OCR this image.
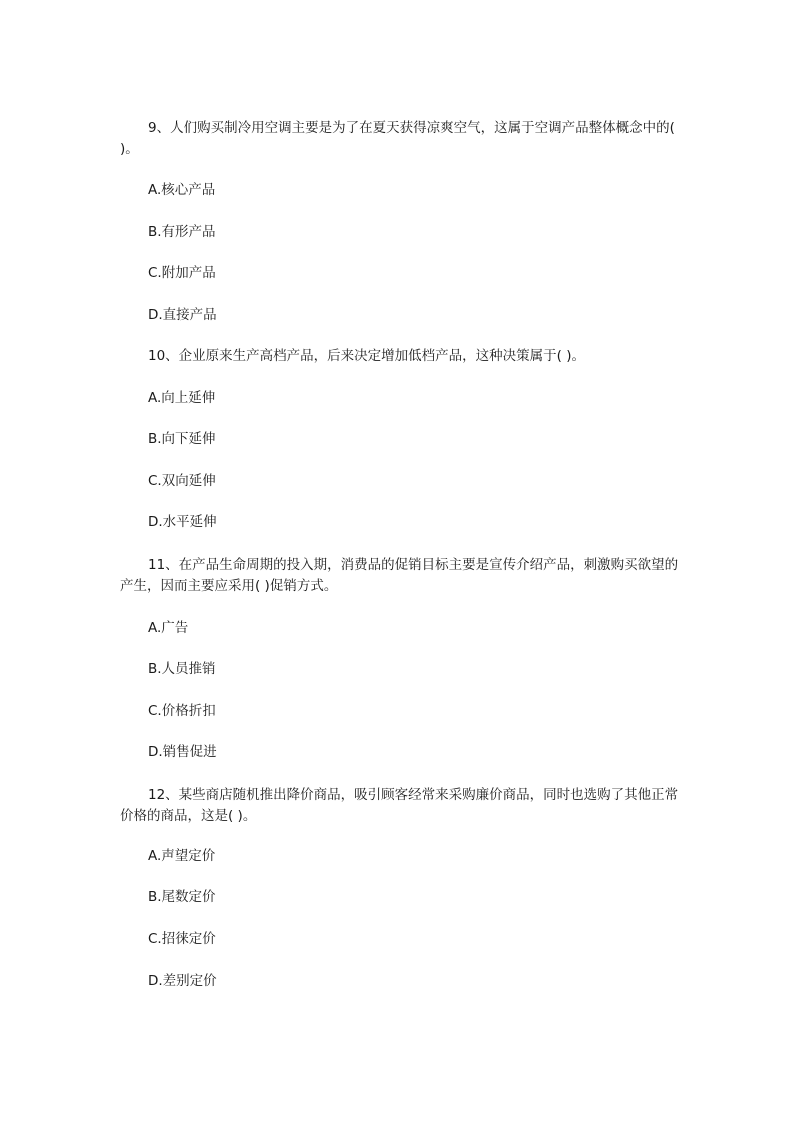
9、人们购买制冷用空调主要是为了在夏天获得凉爽空气，这属于空调产品整体概念中的( )。
A.核心产品
B.有形产品
C.附加产品
D.直接产品
10、企业原来生产高档产品，后来决定增加低档产品，这种决策属于( )。
A.向上延伸
B.向下延伸
C.双向延伸
D.水平延伸
11、在产品生命周期的投入期，消费品的促销目标主要是宣传介绍产品，刺激购买欲望的产生，因而主要应采用( )促销方式。
A.广告
B.人员推销
C.价格折扣
D.销售促进
12、某些商店随机推出降价商品，吸引顾客经常来采购廉价商品，同时也选购了其他正常价格的商品，这是( )。
A.声望定价
B.尾数定价
C.招徕定价
D.差别定价
